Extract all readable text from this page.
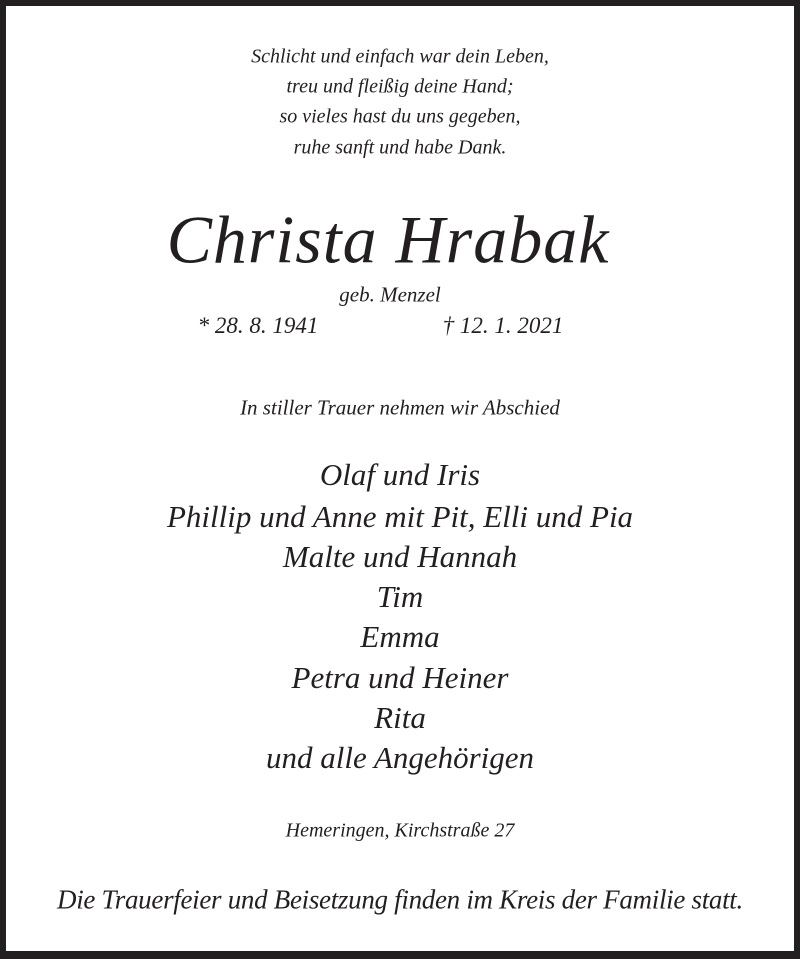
Schlicht und einfach war dein Leben,
treu und fleißig deine Hand;
so vieles hast du uns gegeben,
ruhe sanft und habe Dank.
Christa Hrabak
geb. Menzel
* 28. 8. 1941	† 12. 1. 2021
In stiller Trauer nehmen wir Abschied
Olaf und Iris
Phillip und Anne mit Pit, Elli und Pia
Malte und Hannah
Tim
Emma
Petra und Heiner
Rita
und alle Angehörigen
Hemeringen, Kirchstraße 27
Die Trauerfeier und Beisetzung finden im Kreis der Familie statt.
